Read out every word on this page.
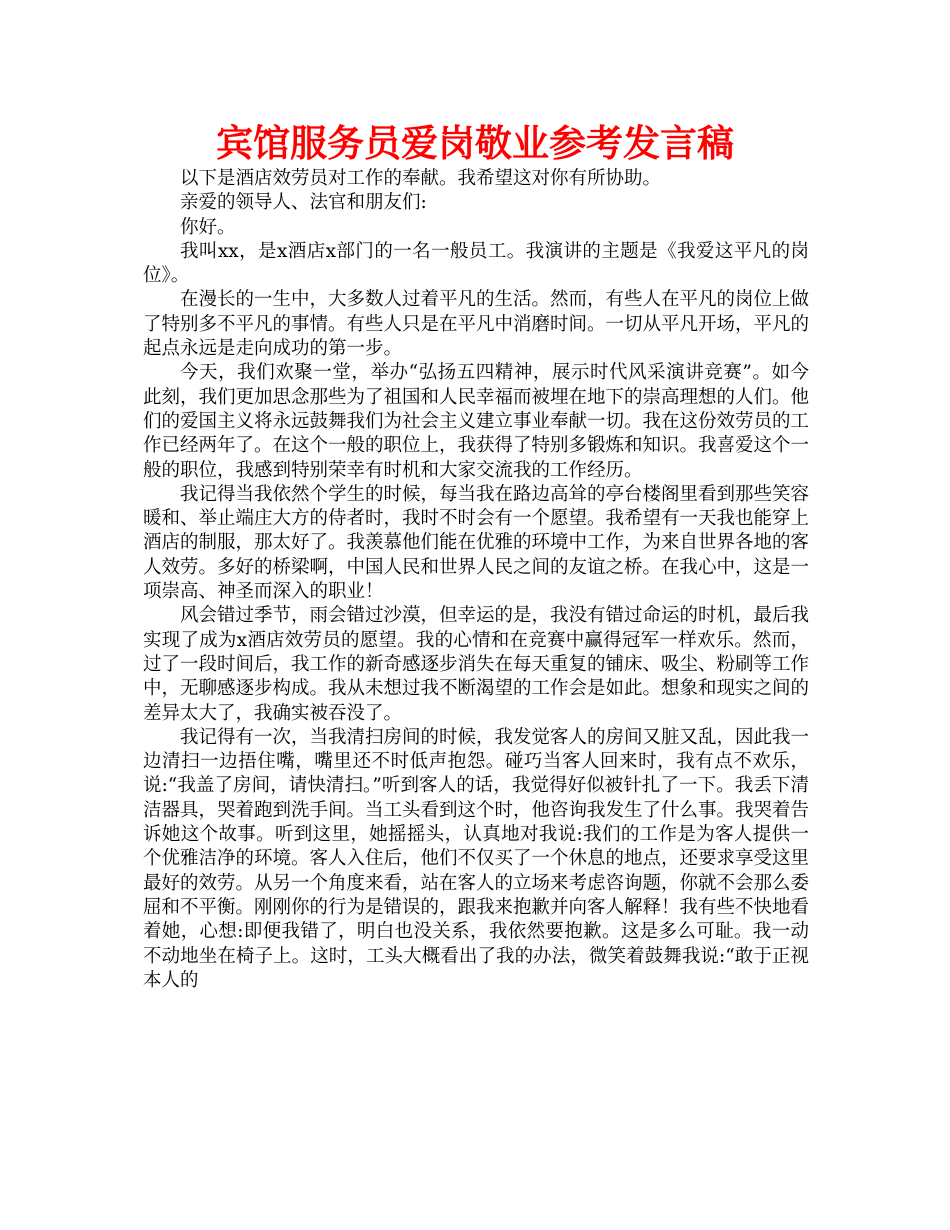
宾馆服务员爱岗敬业参考发言稿

以下是酒店效劳员对工作的奉献。我希望这对你有所协助。

亲爱的领导人、法官和朋友们:

你好。

我叫xx，是x酒店x部门的一名一般员工。我演讲的主题是《我爱这平凡的岗位》。

在漫长的一生中，大多数人过着平凡的生活。然而，有些人在平凡的岗位上做了特别多不平凡的事情。有些人只是在平凡中消磨时间。一切从平凡开场，平凡的起点永远是走向成功的第一步。

今天，我们欢聚一堂，举办“弘扬五四精神，展示时代风采演讲竞赛”。如今此刻，我们更加思念那些为了祖国和人民幸福而被埋在地下的崇高理想的人们。他们的爱国主义将永远鼓舞我们为社会主义建立事业奉献一切。我在这份效劳员的工作已经两年了。在这个一般的职位上，我获得了特别多锻炼和知识。我喜爱这个一般的职位，我感到特别荣幸有时机和大家交流我的工作经历。

我记得当我依然个学生的时候，每当我在路边高耸的亭台楼阁里看到那些笑容暖和、举止端庄大方的侍者时，我时不时会有一个愿望。我希望有一天我也能穿上酒店的制服，那太好了。我羡慕他们能在优雅的环境中工作，为来自世界各地的客人效劳。多好的桥梁啊，中国人民和世界人民之间的友谊之桥。在我心中，这是一项崇高、神圣而深入的职业！

风会错过季节，雨会错过沙漠，但幸运的是，我没有错过命运的时机，最后我实现了成为x酒店效劳员的愿望。我的心情和在竞赛中赢得冠军一样欢乐。然而，过了一段时间后，我工作的新奇感逐步消失在每天重复的铺床、吸尘、粉刷等工作中，无聊感逐步构成。我从未想过我不断渴望的工作会是如此。想象和现实之间的差异太大了，我确实被吞没了。

我记得有一次，当我清扫房间的时候，我发觉客人的房间又脏又乱，因此我一边清扫一边捂住嘴，嘴里还不时低声抱怨。碰巧当客人回来时，我有点不欢乐，说:“我盖了房间，请快清扫。”听到客人的话，我觉得好似被针扎了一下。我丢下清洁器具，哭着跑到洗手间。当工头看到这个时，他咨询我发生了什么事。我哭着告诉她这个故事。听到这里，她摇摇头，认真地对我说:我们的工作是为客人提供一个优雅洁净的环境。客人入住后，他们不仅买了一个休息的地点，还要求享受这里最好的效劳。从另一个角度来看，站在客人的立场来考虑咨询题，你就不会那么委屈和不平衡。刚刚你的行为是错误的，跟我来抱歉并向客人解释！我有些不快地看着她，心想:即便我错了，明白也没关系，我依然要抱歉。这是多么可耻。我一动不动地坐在椅子上。这时，工头大概看出了我的办法，微笑着鼓舞我说:“敢于正视本人的
